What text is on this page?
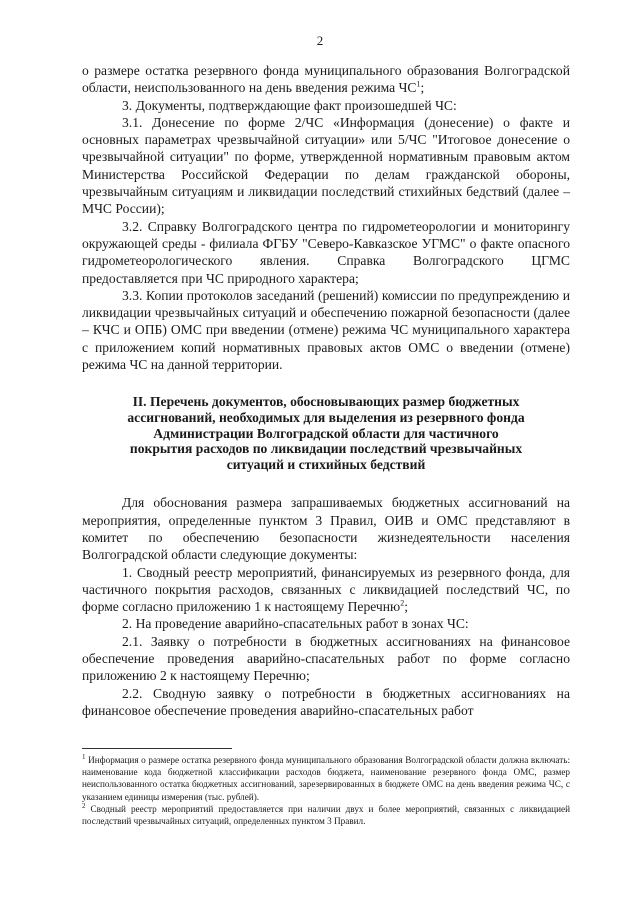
2

о размере остатка резервного фонда муниципального образования Волгоградской области, неиспользованного на день введения режима $ЧС^1$;

3. Документы, подтверждающие факт произошедшей ЧС:

3.1. Донесение по форме 2/ЧС «Информация (донесение) о факте и основных параметрах чрезвычайной ситуации» или 5/ЧС "Итоговое донесение о чрезвычайной ситуации" по форме, утвержденной нормативным правовым актом Министерства Российской Федерации по делам гражданской обороны, чрезвычайным ситуациям и ликвидации последствий стихийных бедствий (далее – МЧС России);

3.2. Справку Волгоградского центра по гидрометеорологии и мониторингу окружающей среды - филиала ФГБУ "Северо-Кавказское УГМС" о факте опасного гидрометеорологического явления. Справка Волгоградского ЦГМС предоставляется при ЧС природного характера;

3.3. Копии протоколов заседаний (решений) комиссии по предупреждению и ликвидации чрезвычайных ситуаций и обеспечению пожарной безопасности (далее – КЧС и ОПБ) ОМС при введении (отмене) режима ЧС муниципального характера с приложением копий нормативных правовых актов ОМС о введении (отмене) режима ЧС на данной территории.

II. Перечень документов, обосновывающих размер бюджетных
ассигнований, необходимых для выделения из резервного фонда
Администрации Волгоградской области для частичного
покрытия расходов по ликвидации последствий чрезвычайных
ситуаций и стихийных бедствий

Для обоснования размера запрашиваемых бюджетных ассигнований на мероприятия, определенные пунктом 3 Правил, ОИВ и ОМС представляют в комитет по обеспечению безопасности жизнедеятельности населения Волгоградской области следующие документы:

1. Сводный реестр мероприятий, финансируемых из резервного фонда, для частичного покрытия расходов, связанных с ликвидацией последствий ЧС, по форме согласно приложению 1 к настоящему Перечню$^2$;

2. На проведение аварийно-спасательных работ в зонах ЧС:

2.1. Заявку о потребности в бюджетных ассигнованиях на финансовое обеспечение проведения аварийно-спасательных работ по форме согласно приложению 2 к настоящему Перечню;

2.2. Сводную заявку о потребности в бюджетных ассигнованиях на финансовое обеспечение проведения аварийно-спасательных работ

$^1$ Информация о размере остатка резервного фонда муниципального образования Волгоградской области должна включать: наименование кода бюджетной классификации расходов бюджета, наименование резервного фонда ОМС, размер неиспользованного остатка бюджетных ассигнований, зарезервированных в бюджете ОМС на день введения режима ЧС, с указанием единицы измерения (тыс. рублей).

$^2$ Сводный реестр мероприятий предоставляется при наличии двух и более мероприятий, связанных с ликвидацией последствий чрезвычайных ситуаций, определенных пунктом 3 Правил.
